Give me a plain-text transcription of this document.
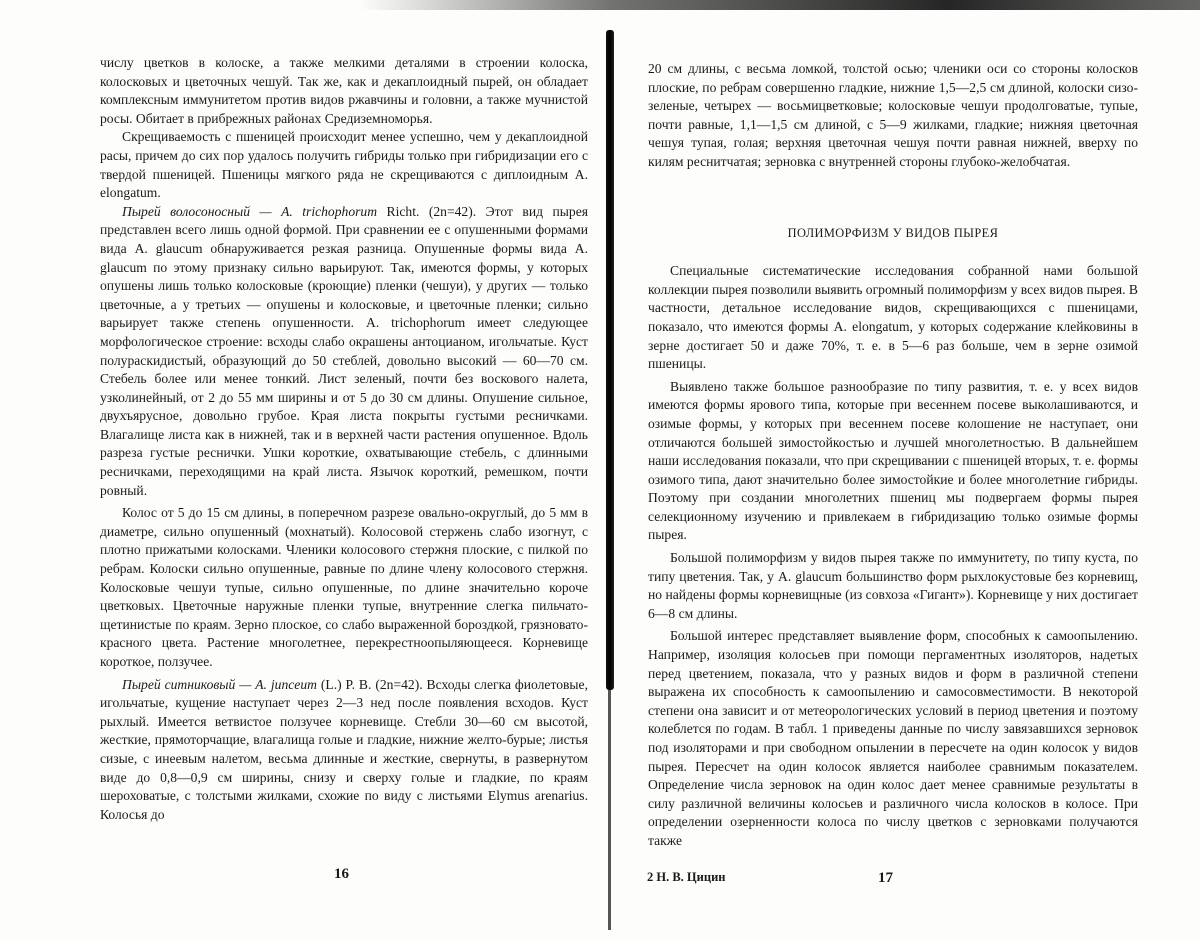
числу цветков в колоске, а также мелкими деталями в строении колоска, колосковых и цветочных чешуй. Так же, как и декаплоидный пырей, он обладает комплексным иммунитетом против видов ржавчины и головни, а также мучнистой росы. Обитает в прибрежных районах Средиземноморья.

Скрещиваемость с пшеницей происходит менее успешно, чем у декаплоидной расы, причем до сих пор удалось получить гибриды только при гибридизации его с твердой пшеницей. Пшеницы мягкого ряда не скрещиваются с диплоидным A. elongatum.

Пырей волосоносный — A. trichophorum Richt. (2n=42). Этот вид пырея представлен всего лишь одной формой. При сравнении ее с опушенными формами вида A. glaucum обнаруживается резкая разница. Опушенные формы вида A. glaucum по этому признаку сильно варьируют. Так, имеются формы, у которых опушены лишь только колосковые (кроющие) пленки (чешуи), у других — только цветочные, а у третьих — опушены и колосковые, и цветочные пленки; сильно варьирует также степень опушенности. A. trichophorum имеет следующее морфологическое строение: всходы слабо окрашены антоцианом, игольчатые. Куст полураскидистый, образующий до 50 стеблей, довольно высокий — 60—70 см. Стебель более или менее тонкий. Лист зеленый, почти без воскового налета, узколинейный, от 2 до 55 мм ширины и от 5 до 30 см длины. Опушение сильное, двухъярусное, довольно грубое. Края листа покрыты густыми ресничками. Влагалище листа как в нижней, так и в верхней части растения опушенное. Вдоль разреза густые реснички. Ушки короткие, охватывающие стебель, с длинными ресничками, переходящими на край листа. Язычок короткий, ремешком, почти ровный.

Колос от 5 до 15 см длины, в поперечном разрезе овально-округлый, до 5 мм в диаметре, сильно опушенный (мохнатый). Колосовой стержень слабо изогнут, с плотно прижатыми колосками. Членики колосового стержня плоские, с пилкой по ребрам. Колоски сильно опушенные, равные по длине члену колосового стержня. Колосковые чешуи тупые, сильно опушенные, по длине значительно короче цветковых. Цветочные наружные пленки тупые, внутренние слегка пильчато-щетинистые по краям. Зерно плоское, со слабо выраженной бороздкой, грязновато-красного цвета. Растение многолетнее, перекрестноопыляющееся. Корневище короткое, ползучее.

Пырей ситниковый — A. junceum (L.) P. B. (2n=42). Всходы слегка фиолетовые, игольчатые, кущение наступает через 2—3 нед после появления всходов. Куст рыхлый. Имеется ветвистое ползучее корневище. Стебли 30—60 см высотой, жесткие, прямоторчащие, влагалища голые и гладкие, нижние желто-бурые; листья сизые, с инеевым налетом, весьма длинные и жесткие, свернуты, в развернутом виде до 0,8—0,9 см ширины, снизу и сверху голые и гладкие, по краям шероховатые, с толстыми жилками, схожие по виду с листьями Elymus arenarius. Колосья до

16

20 см длины, с весьма ломкой, толстой осью; членики оси со стороны колосков плоские, по ребрам совершенно гладкие, нижние 1,5—2,5 см длиной, колоски сизо-зеленые, четырех — восьмицветковые; колосковые чешуи продолговатые, тупые, почти равные, 1,1—1,5 см длиной, с 5—9 жилками, гладкие; нижняя цветочная чешуя тупая, голая; верхняя цветочная чешуя почти равная нижней, вверху по килям реснитчатая; зерновка с внутренней стороны глубоко-желобчатая.

ПОЛИМОРФИЗМ У ВИДОВ ПЫРЕЯ

Специальные систематические исследования собранной нами большой коллекции пырея позволили выявить огромный полиморфизм у всех видов пырея. В частности, детальное исследование видов, скрещивающихся с пшеницами, показало, что имеются формы A. elongatum, у которых содержание клейковины в зерне достигает 50 и даже 70%, т. е. в 5—6 раз больше, чем в зерне озимой пшеницы.

Выявлено также большое разнообразие по типу развития, т. е. у всех видов имеются формы ярового типа, которые при весеннем посеве выколашиваются, и озимые формы, у которых при весеннем посеве колошение не наступает, они отличаются большей зимостойкостью и лучшей многолетностью. В дальнейшем наши исследования показали, что при скрещивании с пшеницей вторых, т. е. формы озимого типа, дают значительно более зимостойкие и более многолетние гибриды. Поэтому при создании многолетних пшениц мы подвергаем формы пырея селекционному изучению и привлекаем в гибридизацию только озимые формы пырея.

Большой полиморфизм у видов пырея также по иммунитету, по типу куста, по типу цветения. Так, у A. glaucum большинство форм рыхлокустовые без корневищ, но найдены формы корневищные (из совхоза «Гигант»). Корневище у них достигает 6—8 см длины.

Большой интерес представляет выявление форм, способных к самоопылению. Например, изоляция колосьев при помощи пергаментных изоляторов, надетых перед цветением, показала, что у разных видов и форм в различной степени выражена их способность к самоопылению и самосовместимости. В некоторой степени она зависит и от метеорологических условий в период цветения и поэтому колеблется по годам. В табл. 1 приведены данные по числу завязавшихся зерновок под изоляторами и при свободном опылении в пересчете на один колосок у видов пырея. Пересчет на один колосок является наиболее сравнимым показателем. Определение числа зерновок на один колос дает менее сравнимые результаты в силу различной величины колосьев и различного числа колосков в колосе. При определении озерненности колоса по числу цветков с зерновками получаются также

2 Н. В. Цицин	17
